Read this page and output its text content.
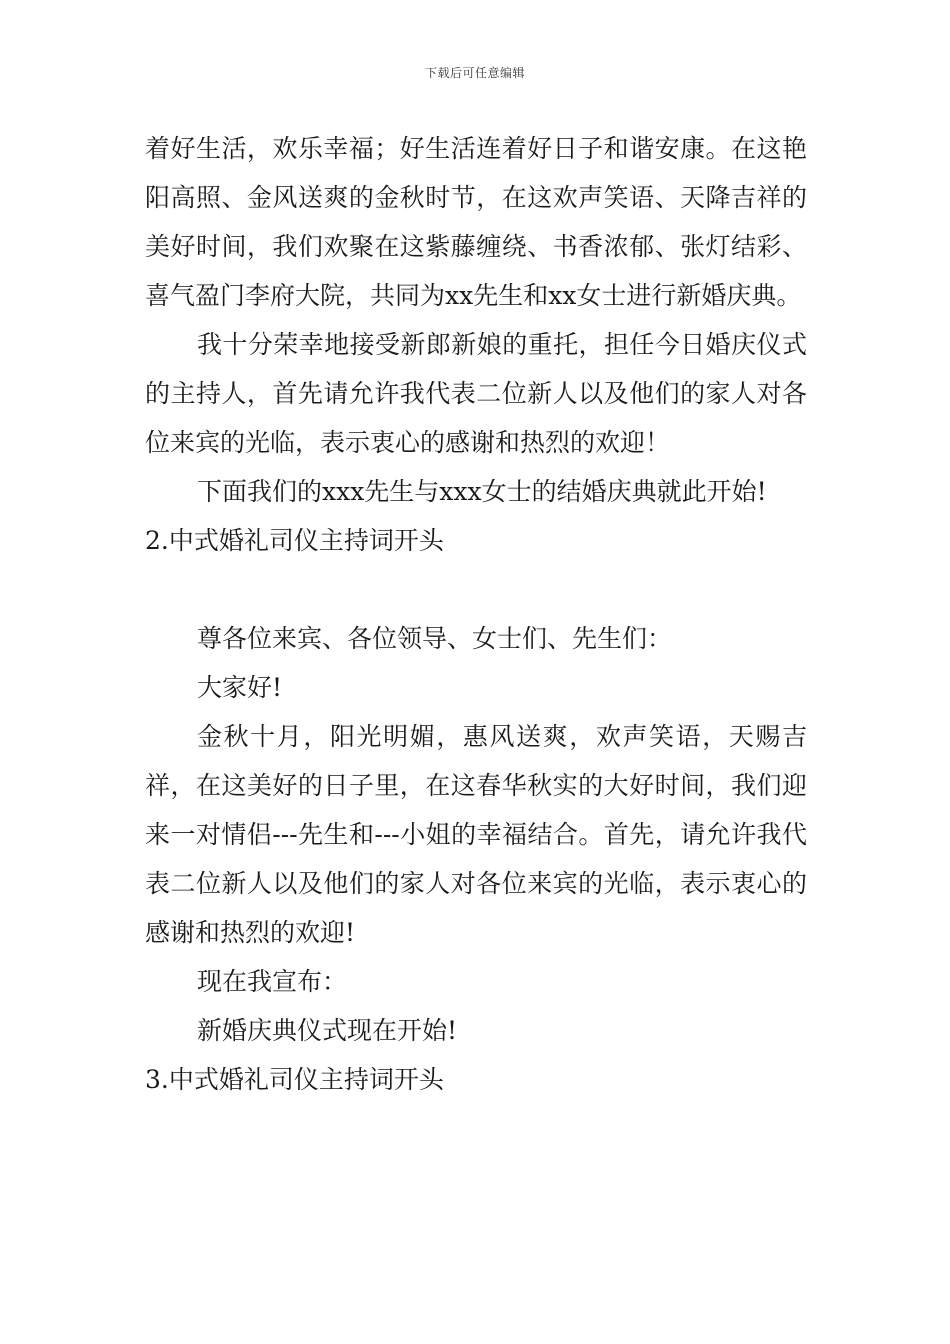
下载后可任意编辑

着好生活，欢乐幸福；好生活连着好日子和谐安康。在这艳阳高照、金风送爽的金秋时节，在这欢声笑语、天降吉祥的美好时间，我们欢聚在这紫藤缠绕、书香浓郁、张灯结彩、喜气盈门李府大院，共同为xx先生和xx女士进行新婚庆典。

我十分荣幸地接受新郎新娘的重托，担任今日婚庆仪式的主持人，首先请允许我代表二位新人以及他们的家人对各位来宾的光临，表示衷心的感谢和热烈的欢迎！

下面我们的xxx先生与xxx女士的结婚庆典就此开始!

2.中式婚礼司仪主持词开头

尊各位来宾、各位领导、女士们、先生们：

大家好!

金秋十月，阳光明媚，惠风送爽，欢声笑语，天赐吉祥，在这美好的日子里，在这春华秋实的大好时间，我们迎来一对情侣---先生和---小姐的幸福结合。首先，请允许我代表二位新人以及他们的家人对各位来宾的光临，表示衷心的感谢和热烈的欢迎!

现在我宣布：

新婚庆典仪式现在开始!

3.中式婚礼司仪主持词开头
